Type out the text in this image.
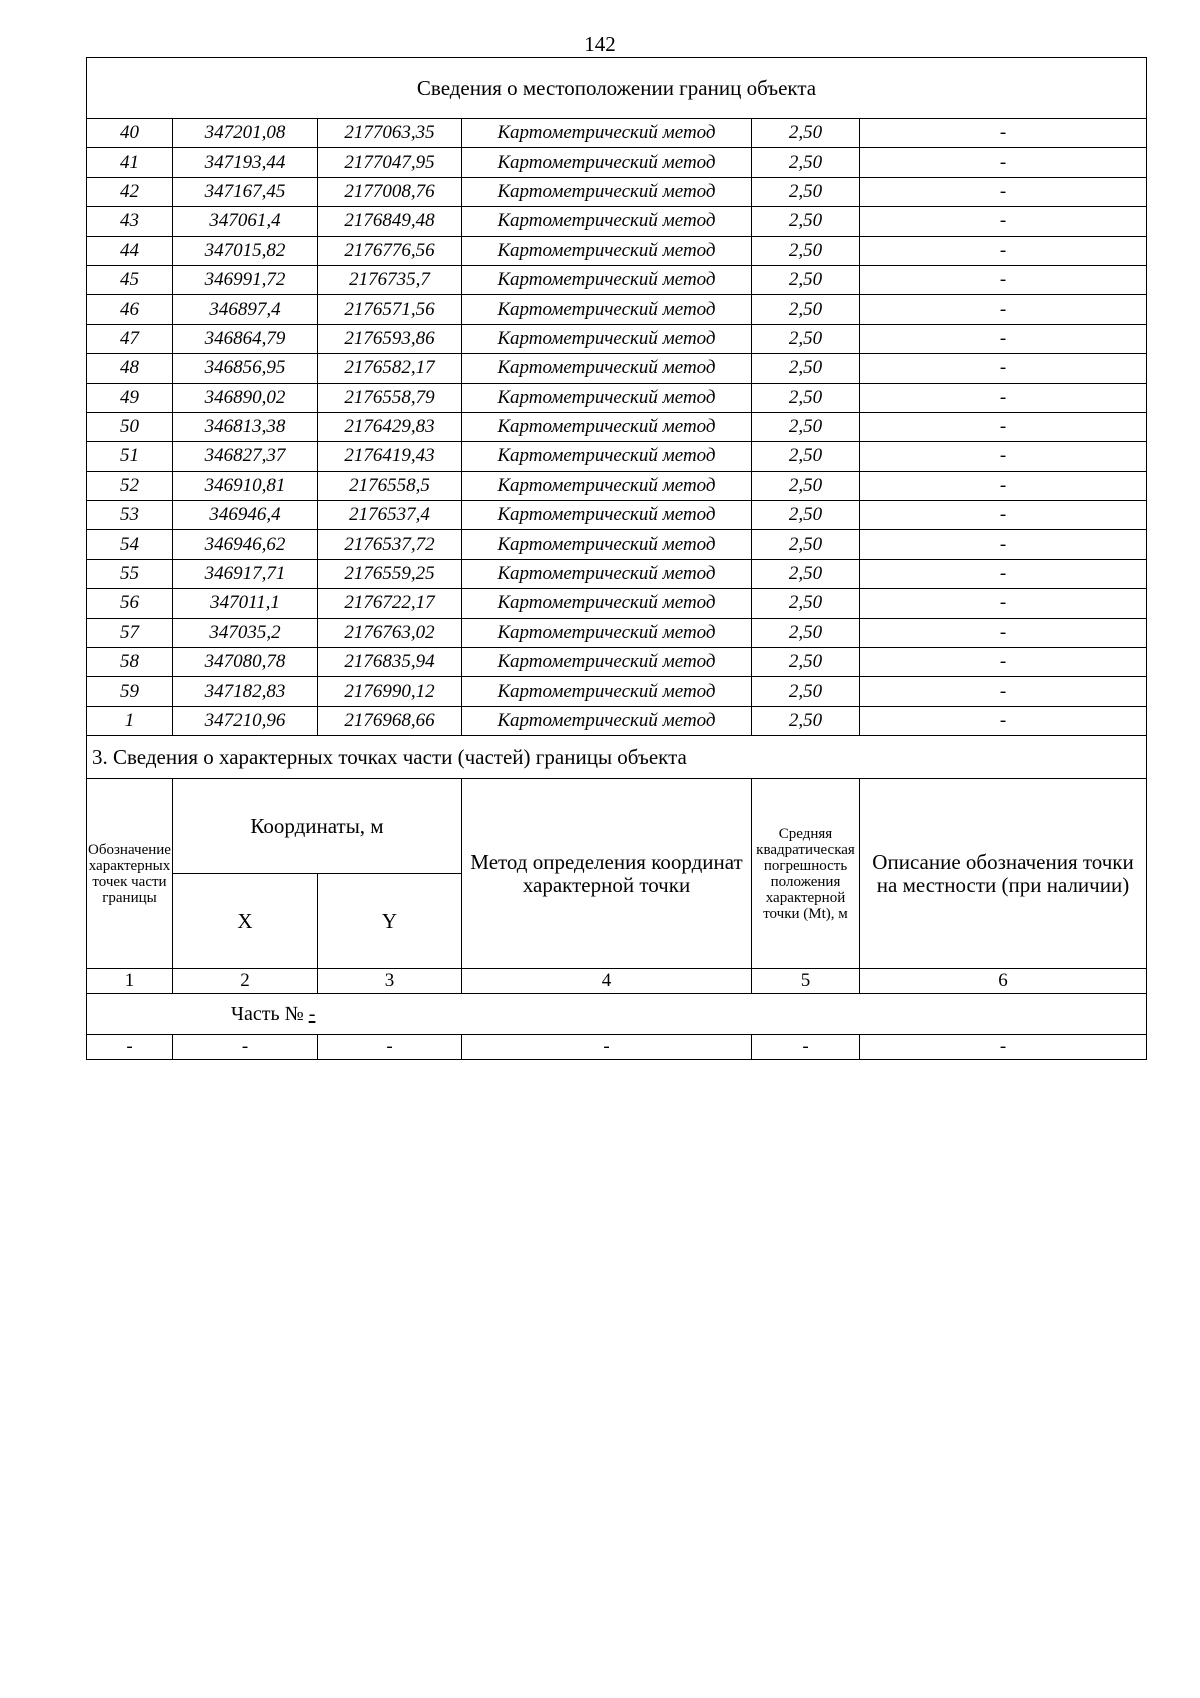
142
Сведения о местоположении границ объекта					
40	347201,08	2177063,35	Картометрический метод	2,50	-
41	347193,44	2177047,95	Картометрический метод	2,50	-
42	347167,45	2177008,76	Картометрический метод	2,50	-
43	347061,4	2176849,48	Картометрический метод	2,50	-
44	347015,82	2176776,56	Картометрический метод	2,50	-
45	346991,72	2176735,7	Картометрический метод	2,50	-
46	346897,4	2176571,56	Картометрический метод	2,50	-
47	346864,79	2176593,86	Картометрический метод	2,50	-
48	346856,95	2176582,17	Картометрический метод	2,50	-
49	346890,02	2176558,79	Картометрический метод	2,50	-
50	346813,38	2176429,83	Картометрический метод	2,50	-
51	346827,37	2176419,43	Картометрический метод	2,50	-
52	346910,81	2176558,5	Картометрический метод	2,50	-
53	346946,4	2176537,4	Картометрический метод	2,50	-
54	346946,62	2176537,72	Картометрический метод	2,50	-
55	346917,71	2176559,25	Картометрический метод	2,50	-
56	347011,1	2176722,17	Картометрический метод	2,50	-
57	347035,2	2176763,02	Картометрический метод	2,50	-
58	347080,78	2176835,94	Картометрический метод	2,50	-
59	347182,83	2176990,12	Картометрический метод	2,50	-
1	347210,96	2176968,66	Картометрический метод	2,50	-
3. Сведения о характерных точках части (частей) границы объекта					
Обозначение характерных точек части границы	Координаты, м		Метод определения координат характерной точки	Средняя квадратическая погрешность положения характерной точки (Mt), м	Описание обозначения точки на местности (при наличии)
	X	Y			
1	2	3	4	5	6
Часть № -					
-	-	-	-	-	-
